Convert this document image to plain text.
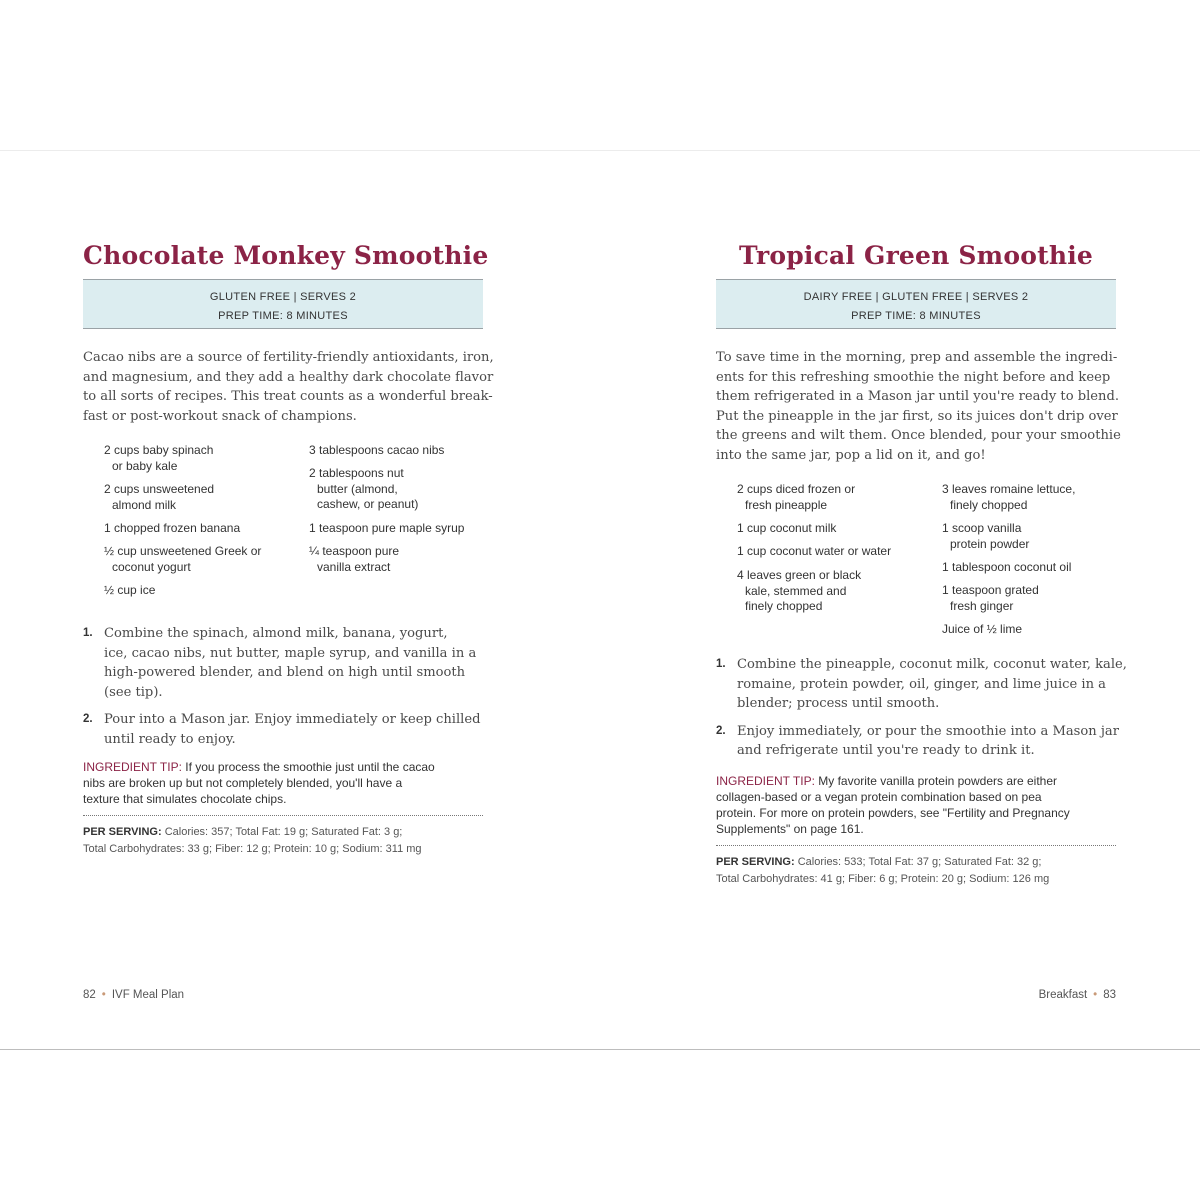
Chocolate Monkey Smoothie
GLUTEN FREE | SERVES 2
PREP TIME: 8 MINUTES
Cacao nibs are a source of fertility-friendly antioxidants, iron,
and magnesium, and they add a healthy dark chocolate flavor
to all sorts of recipes. This treat counts as a wonderful break-
fast or post-workout snack of champions.
2 cups baby spinach
or baby kale
2 cups unsweetened
almond milk
1 chopped frozen banana
½ cup unsweetened Greek or
coconut yogurt
½ cup ice
3 tablespoons cacao nibs
2 tablespoons nut
butter (almond,
cashew, or peanut)
1 teaspoon pure maple syrup
¼ teaspoon pure
vanilla extract
1. Combine the spinach, almond milk, banana, yogurt,
ice, cacao nibs, nut butter, maple syrup, and vanilla in a
high-powered blender, and blend on high until smooth
(see tip).
2. Pour into a Mason jar. Enjoy immediately or keep chilled
until ready to enjoy.
INGREDIENT TIP: If you process the smoothie just until the cacao
nibs are broken up but not completely blended, you'll have a
texture that simulates chocolate chips.
PER SERVING: Calories: 357; Total Fat: 19 g; Saturated Fat: 3 g;
Total Carbohydrates: 33 g; Fiber: 12 g; Protein: 10 g; Sodium: 311 mg
82 • IVF Meal Plan
Tropical Green Smoothie
DAIRY FREE | GLUTEN FREE | SERVES 2
PREP TIME: 8 MINUTES
To save time in the morning, prep and assemble the ingredi-
ents for this refreshing smoothie the night before and keep
them refrigerated in a Mason jar until you're ready to blend.
Put the pineapple in the jar first, so its juices don't drip over
the greens and wilt them. Once blended, pour your smoothie
into the same jar, pop a lid on it, and go!
2 cups diced frozen or
fresh pineapple
1 cup coconut milk
1 cup coconut water or water
4 leaves green or black
kale, stemmed and
finely chopped
3 leaves romaine lettuce,
finely chopped
1 scoop vanilla
protein powder
1 tablespoon coconut oil
1 teaspoon grated
fresh ginger
Juice of ½ lime
1. Combine the pineapple, coconut milk, coconut water, kale,
romaine, protein powder, oil, ginger, and lime juice in a
blender; process until smooth.
2. Enjoy immediately, or pour the smoothie into a Mason jar
and refrigerate until you're ready to drink it.
INGREDIENT TIP: My favorite vanilla protein powders are either
collagen-based or a vegan protein combination based on pea
protein. For more on protein powders, see "Fertility and Pregnancy
Supplements" on page 161.
PER SERVING: Calories: 533; Total Fat: 37 g; Saturated Fat: 32 g;
Total Carbohydrates: 41 g; Fiber: 6 g; Protein: 20 g; Sodium: 126 mg
Breakfast • 83
